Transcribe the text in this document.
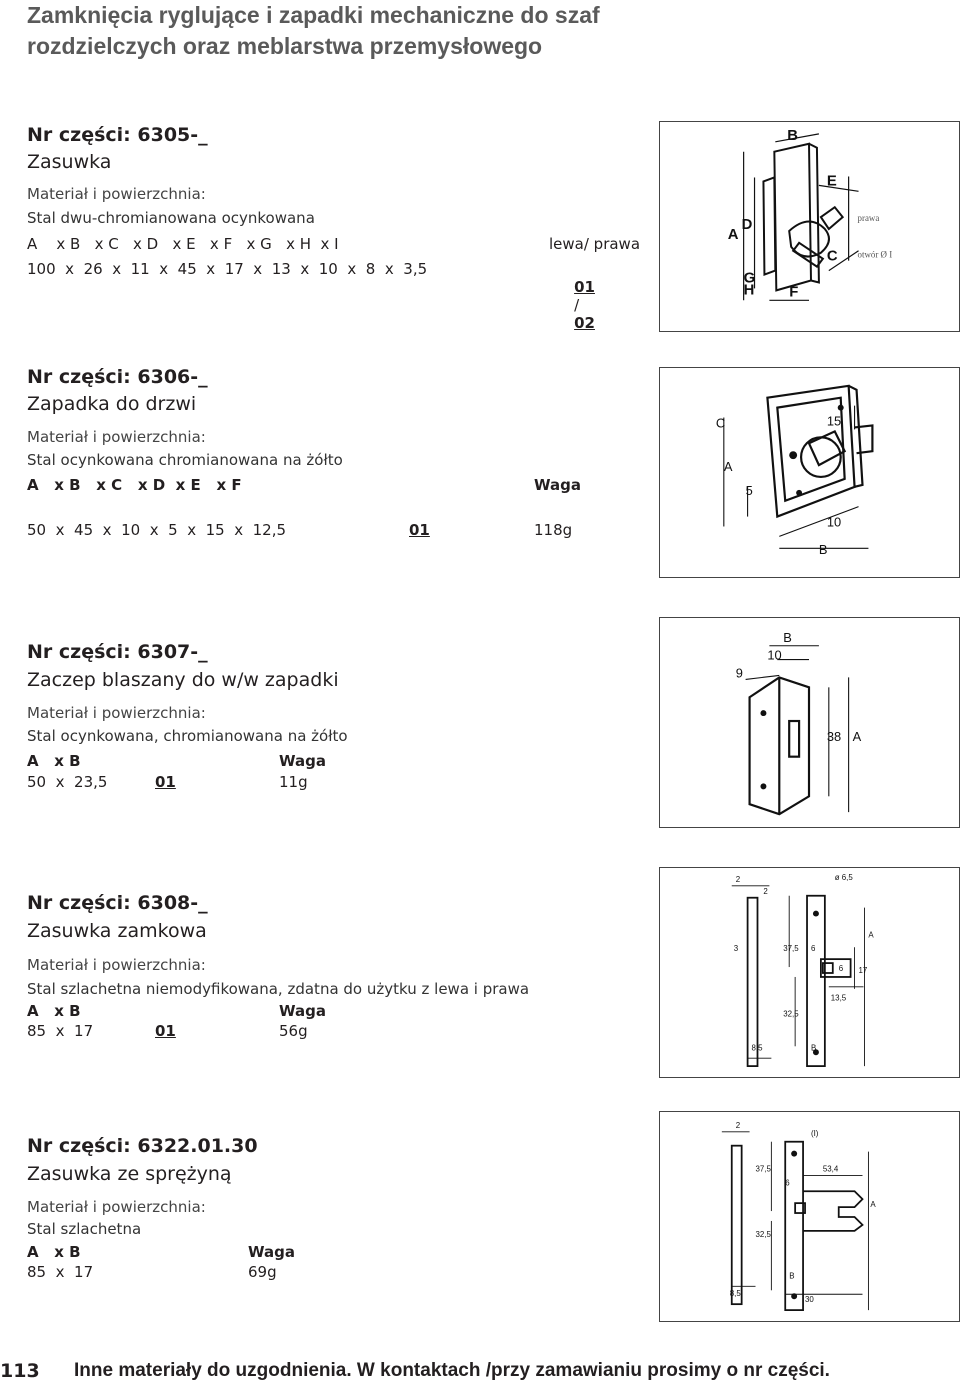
Zamknięcia ryglujące i zapadki mechaniczne do szaf
rozdzielczych oraz meblarstwa przemysłowego
Nr części: 6305-_
Zasuwka
Materiał i powierzchnia:
Stal dwu-chromianowana ocynkowana
A    x B   x C   x D   x E   x F   x G   x H  x I
100  x  26  x  11  x  45  x  17  x  13  x  10  x  8  x  3,5
lewa/ prawa

01
/
02

B
E
D
A
C
G
H F
prawa
otwór Ø I
Nr części: 6306-_
Zapadka do drzwi
Materiał i powierzchnia:
Stal ocynkowana chromianowana na żółto
A   x B   x C   x D  x E   x F	Waga
50  x  45  x  10  x  5  x  15  x  12,5	01	118g
C
A
5
15
10
B
Nr części: 6307-_
Zaczep blaszany do w/w zapadki
Materiał i powierzchnia:
Stal ocynkowana, chromianowana na żółto
A   x B	Waga
50  x  23,5	01	11g
B
10
9
38 A
Nr części: 6308-_
Zasuwka zamkowa
Materiał i powierzchnia:
Stal szlachetna niemodyfikowana, zdatna do użytku z lewa i prawa
A   x B	Waga
85  x  17	01	56g
2
2
ø 6,5
A
3	37,5 6
6 17
32,5
13,5
8,5	B
Nr części: 6322.01.30
Zasuwka ze sprężyną
Materiał i powierzchnia:
Stal szlachetna
A   x B	Waga
85  x  17	69g
2
(I)
37,5	53,4
6
A
32,5
B
8,5
30
113 Inne materiały do uzgodnienia. W kontaktach /przy zamawianiu prosimy o nr części.
